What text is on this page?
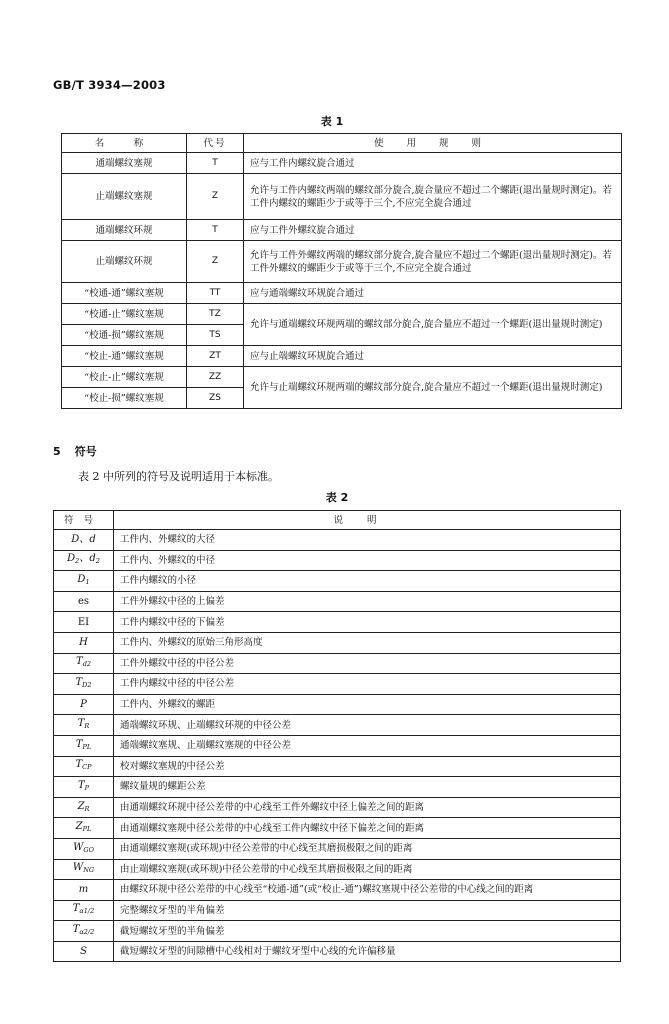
GB/T 3934—2003
表 1
名　称	代号	使 用 规 则
通端螺纹塞规	T	应与工件内螺纹旋合通过
止端螺纹塞规	Z	允许与工件内螺纹两端的螺纹部分旋合,旋合量应不超过二个螺距(退出量规时测定)。若工件内螺纹的螺距少于或等于三个,不应完全旋合通过
通端螺纹环规	T	应与工件外螺纹旋合通过
止端螺纹环规	Z	允许与工件外螺纹两端的螺纹部分旋合,旋合量应不超过二个螺距(退出量规时测定)。若工件外螺纹的螺距少于或等于三个,不应完全旋合通过
“校通-通”螺纹塞规	TT	应与通端螺纹环规旋合通过
“校通-止”螺纹塞规	TZ	允许与通端螺纹环规两端的螺纹部分旋合,旋合量应不超过一个螺距(退出量规时测定)
“校通-损”螺纹塞规	TS	
“校止-通”螺纹塞规	ZT	应与止端螺纹环规旋合通过
“校止-止”螺纹塞规	ZZ	允许与止端螺纹环规两端的螺纹部分旋合,旋合量应不超过一个螺距(退出量规时测定)
“校止-损”螺纹塞规	ZS	
5 符号
表 2 中所列的符号及说明适用于本标准。
表 2
符号	说明
D、d	工件内、外螺纹的大径
$D_2$、$d_2$	工件内、外螺纹的中径
$D_1$	工件内螺纹的小径
es	工件外螺纹中径的上偏差
EI	工件内螺纹中径的下偏差
H	工件内、外螺纹的原始三角形高度
$T_{d2}$	工件外螺纹中径的中径公差
$T_{D2}$	工件内螺纹中径的中径公差
P	工件内、外螺纹的螺距
$T_R$	通端螺纹环规、止端螺纹环规的中径公差
$T_{PL}$	通端螺纹塞规、止端螺纹塞规的中径公差
$T_{CP}$	校对螺纹塞规的中径公差
$T_P$	螺纹量规的螺距公差
$Z_R$	由通端螺纹环规中径公差带的中心线至工件外螺纹中径上偏差之间的距离
$Z_{PL}$	由通端螺纹塞规中径公差带的中心线至工件内螺纹中径下偏差之间的距离
$W_{GO}$	由通端螺纹塞规(或环规)中径公差带的中心线至其磨损极限之间的距离
$W_{NG}$	由止端螺纹塞规(或环规)中径公差带的中心线至其磨损极限之间的距离
m	由螺纹环规中径公差带的中心线至“校通-通”(或“校止-通”)螺纹塞规中径公差带的中心线之间的距离
$T_{\alpha 1/2}$	完整螺纹牙型的半角偏差
$T_{\alpha 2/2}$	截短螺纹牙型的半角偏差
S	截短螺纹牙型的间隙槽中心线相对于螺纹牙型中心线的允许偏移量
